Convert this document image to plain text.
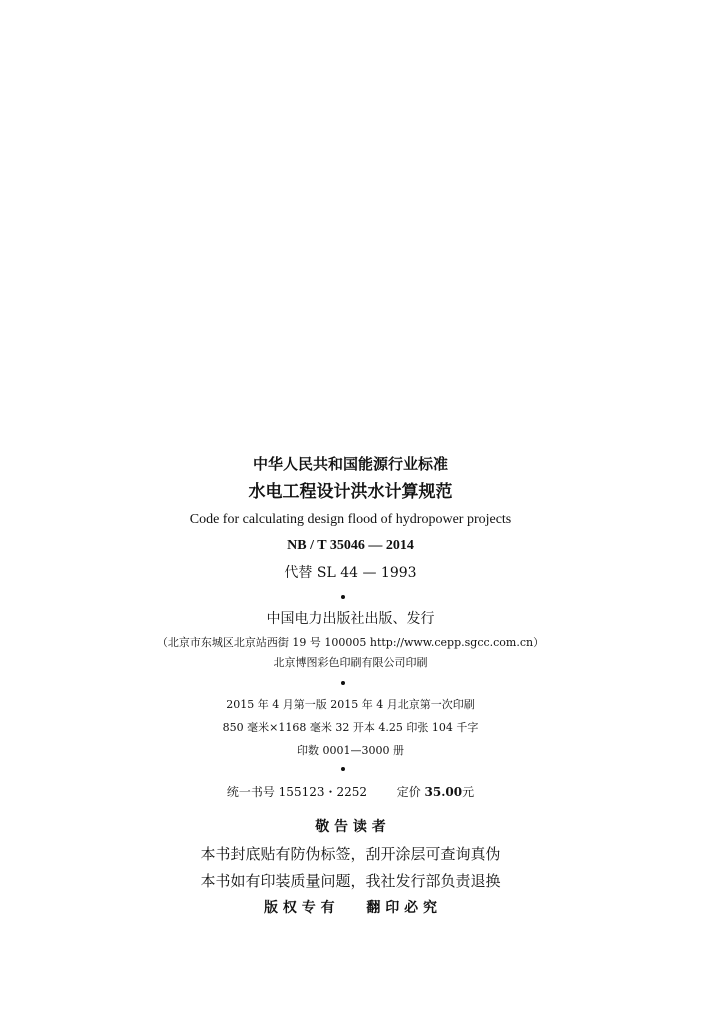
中华人民共和国能源行业标准
水电工程设计洪水计算规范
Code for calculating design flood of hydropower projects
NB / T 35046 — 2014
代替 SL 44 — 1993
中国电力出版社出版、发行
（北京市东城区北京站西街 19 号 100005 http://www.cepp.sgcc.com.cn）
北京博图彩色印刷有限公司印刷
2015 年 4 月第一版 2015 年 4 月北京第一次印刷
850 毫米×1168 毫米 32 开本 4.25 印张 104 千字
印数 0001—3000 册
统一书号 155123・2252 定价 35.00元
敬 告 读 者
本书封底贴有防伪标签，刮开涂层可查询真伪
本书如有印装质量问题，我社发行部负责退换
版 权 专 有 翻 印 必 究
